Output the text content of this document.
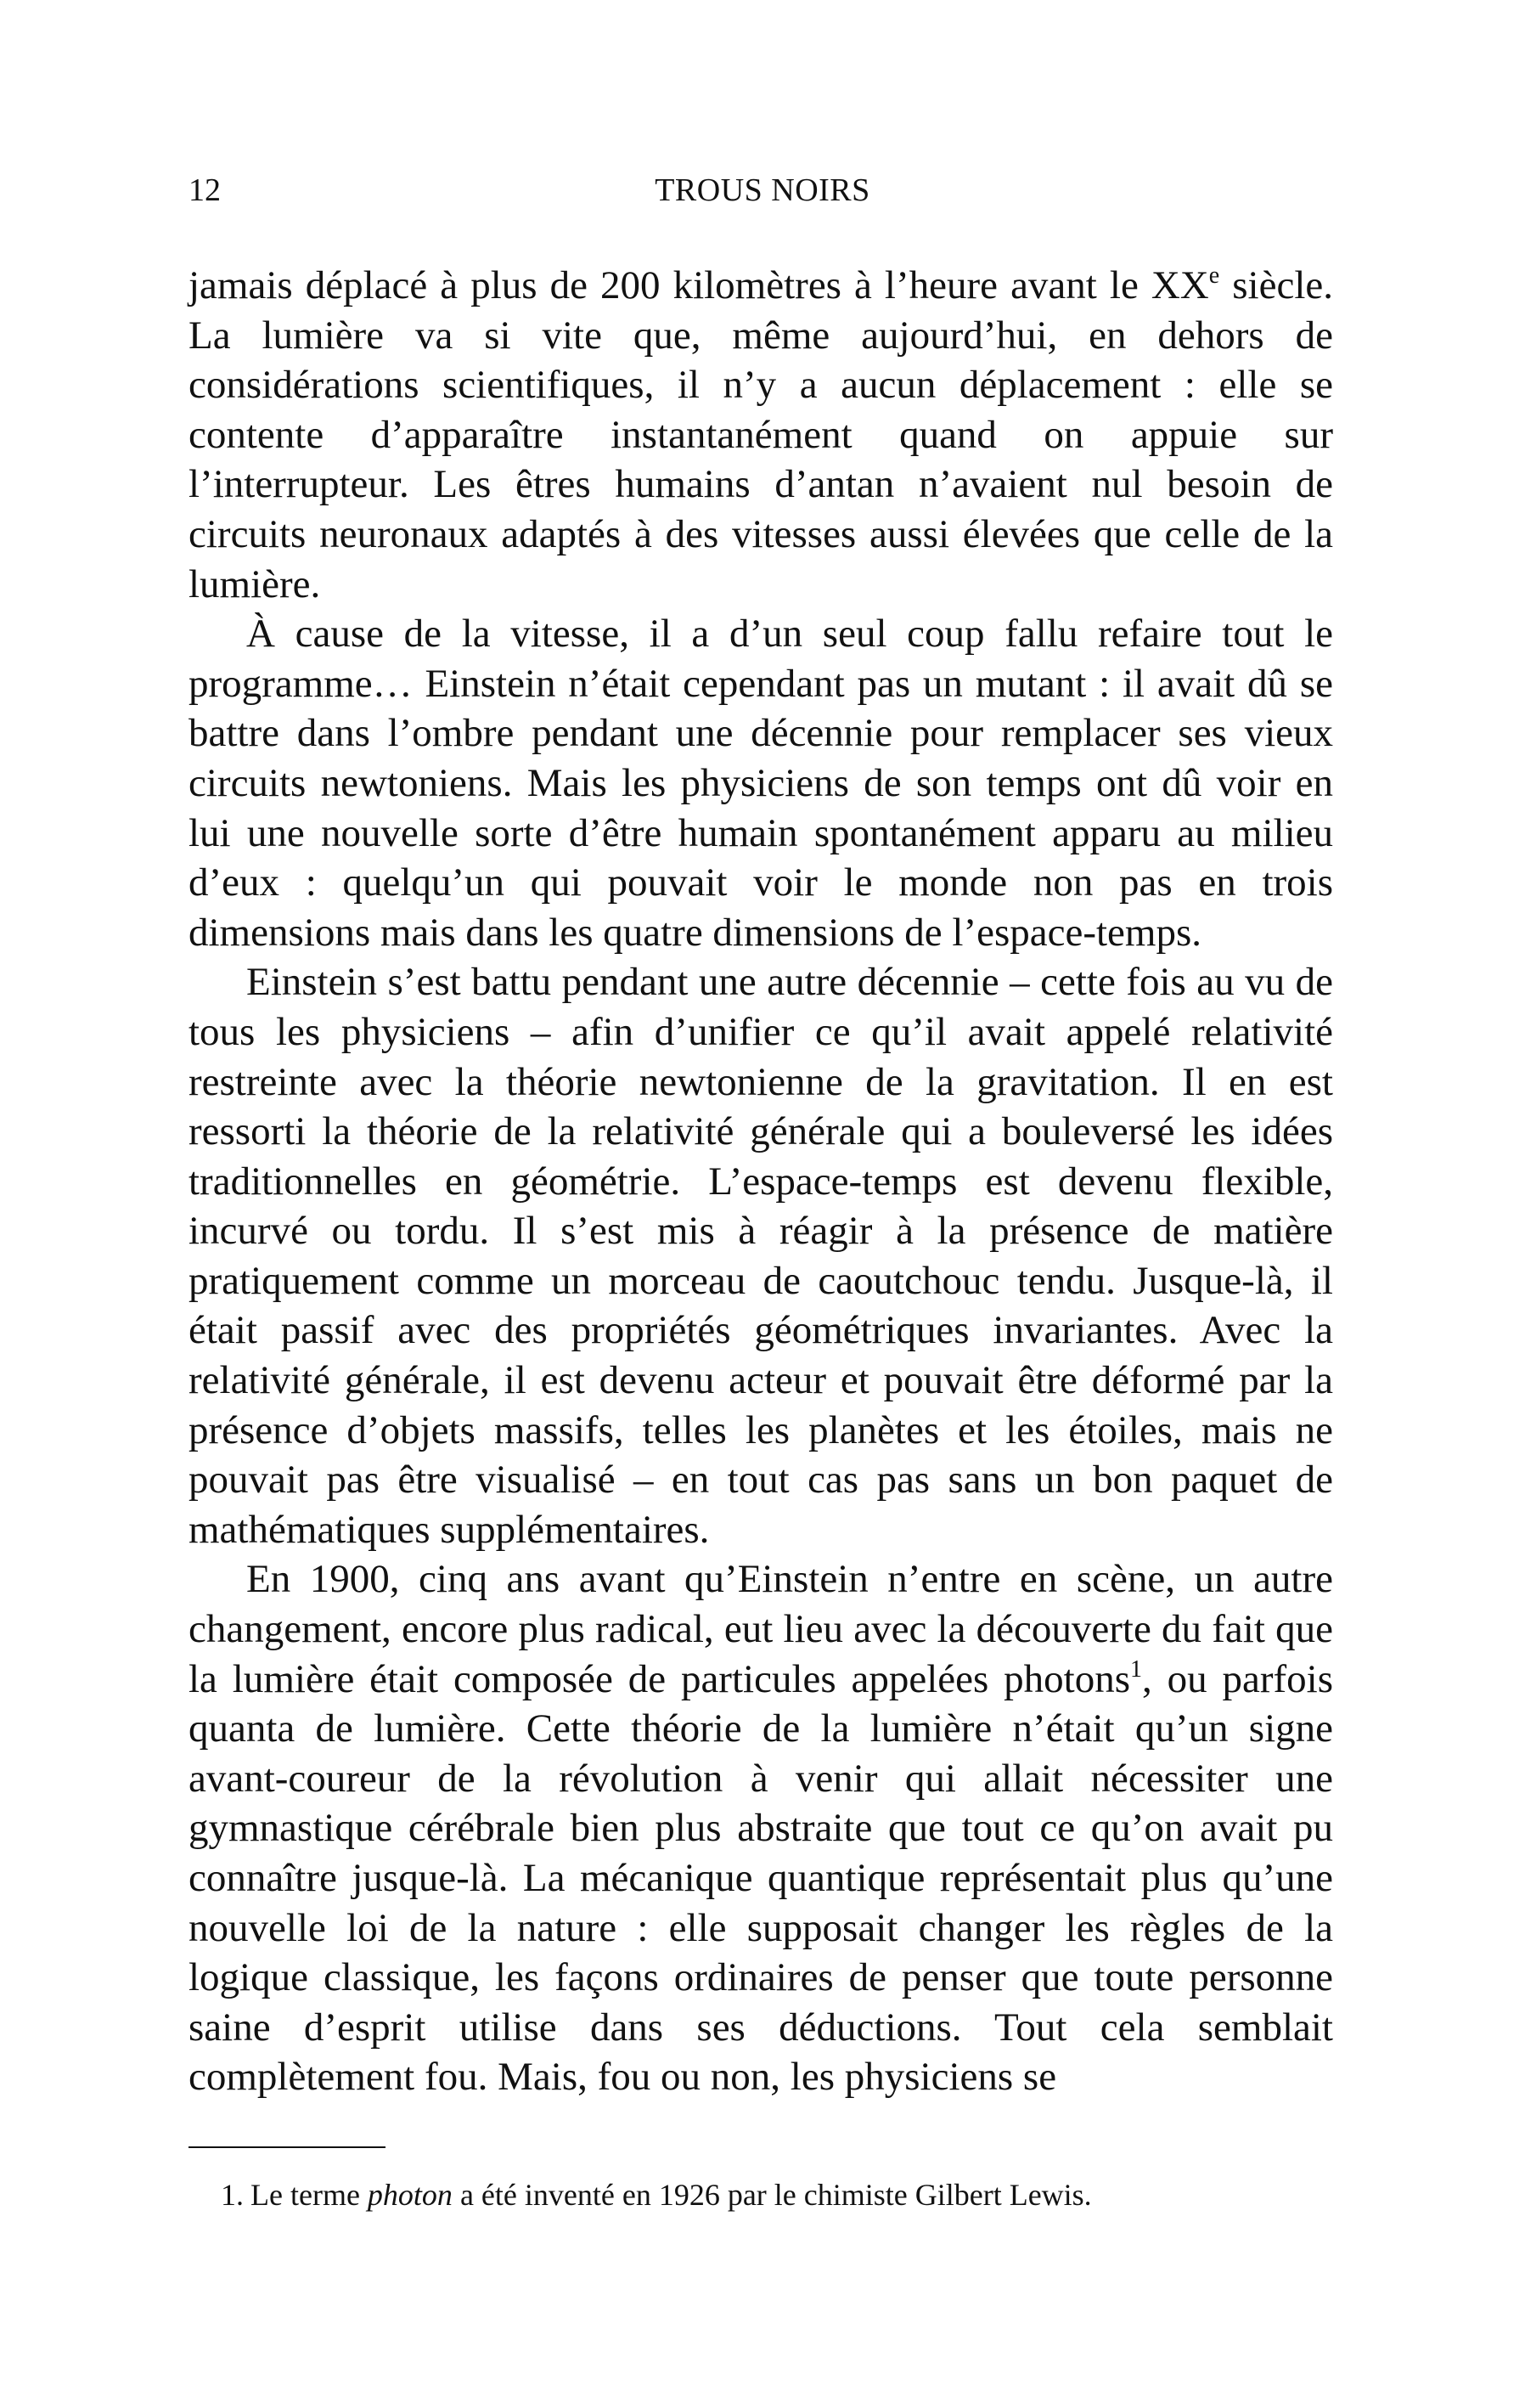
12	TROUS NOIRS

jamais déplacé à plus de 200 kilomètres à l’heure avant le XXe siècle. La lumière va si vite que, même aujourd’hui, en dehors de considérations scientifiques, il n’y a aucun déplacement : elle se contente d’apparaître instantanément quand on appuie sur l’interrupteur. Les êtres humains d’antan n’avaient nul besoin de circuits neuronaux adaptés à des vitesses aussi élevées que celle de la lumière.

À cause de la vitesse, il a d’un seul coup fallu refaire tout le programme… Einstein n’était cependant pas un mutant : il avait dû se battre dans l’ombre pendant une décennie pour remplacer ses vieux circuits newtoniens. Mais les physiciens de son temps ont dû voir en lui une nouvelle sorte d’être humain spontanément apparu au milieu d’eux : quelqu’un qui pouvait voir le monde non pas en trois dimensions mais dans les quatre dimensions de l’espace-temps.

Einstein s’est battu pendant une autre décennie – cette fois au vu de tous les physiciens – afin d’unifier ce qu’il avait appelé relativité restreinte avec la théorie newtonienne de la gravitation. Il en est ressorti la théorie de la relativité générale qui a bouleversé les idées traditionnelles en géométrie. L’espace-temps est devenu flexible, incurvé ou tordu. Il s’est mis à réagir à la présence de matière pratiquement comme un morceau de caoutchouc tendu. Jusque-là, il était passif avec des propriétés géométriques invariantes. Avec la relativité générale, il est devenu acteur et pouvait être déformé par la présence d’objets massifs, telles les planètes et les étoiles, mais ne pouvait pas être visualisé – en tout cas pas sans un bon paquet de mathématiques supplémentaires.

En 1900, cinq ans avant qu’Einstein n’entre en scène, un autre changement, encore plus radical, eut lieu avec la découverte du fait que la lumière était composée de particules appelées photons$^1$, ou parfois quanta de lumière. Cette théorie de la lumière n’était qu’un signe avant-coureur de la révolution à venir qui allait nécessiter une gymnastique cérébrale bien plus abstraite que tout ce qu’on avait pu connaître jusque-là. La mécanique quantique représentait plus qu’une nouvelle loi de la nature : elle supposait changer les règles de la logique classique, les façons ordinaires de penser que toute personne saine d’esprit utilise dans ses déductions. Tout cela semblait complètement fou. Mais, fou ou non, les physiciens se

1. Le terme photon a été inventé en 1926 par le chimiste Gilbert Lewis.
